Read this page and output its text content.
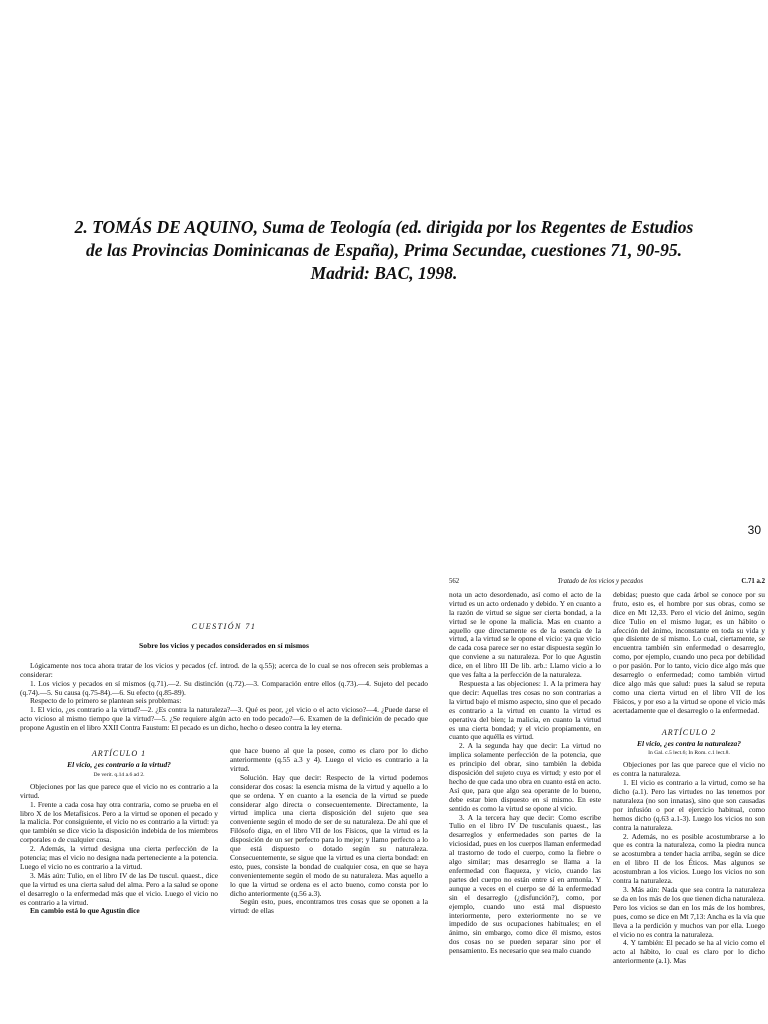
2. TOMÁS DE AQUINO, Suma de Teología (ed. dirigida por los Regentes de Estudios
de las Provincias Dominicanas de España), Prima Secundae, cuestiones 71, 90-95.
Madrid: BAC, 1998.
30
CUESTIÓN 71
Sobre los vicios y pecados considerados en sí mismos

Lógicamente nos toca ahora tratar de los vicios y pecados (cf. introd. de la q.55); acerca de lo cual se nos ofrecen seis problemas a considerar:

1. Los vicios y pecados en sí mismos (q.71).—2. Su distinción (q.72).—3. Comparación entre ellos (q.73).—4. Sujeto del pecado (q.74).—5. Su causa (q.75-84).—6. Su efecto (q.85-89).

Respecto de lo primero se plantean seis problemas:

1. El vicio, ¿es contrario a la virtud?—2. ¿Es contra la naturaleza?—3. Qué es peor, ¿el vicio o el acto vicioso?—4. ¿Puede darse el acto vicioso al mismo tiempo que la virtud?—5. ¿Se requiere algún acto en todo pecado?—6. Examen de la definición de pecado que propone Agustín en el libro XXII Contra Faustum: El pecado es un dicho, hecho o deseo contra la ley eterna.

ARTÍCULO 1
El vicio, ¿es contrario a la virtud?
De verit. q.14 a.6 ad 2.

Objeciones por las que parece que el vicio no es contrario a la virtud.

1. Frente a cada cosa hay otra contraria, como se prueba en el libro X de los Metafísicos. Pero a la virtud se oponen el pecado y la malicia. Por consiguiente, el vicio no es contrario a la virtud: ya que también se dice vicio la disposición indebida de los miembros corporales o de cualquier cosa.

2. Además, la virtud designa una cierta perfección de la potencia; mas el vicio no designa nada perteneciente a la potencia. Luego el vicio no es contrario a la virtud.

3. Más aún: Tulio, en el libro IV de las De tuscul. quaest., dice que la virtud es una cierta salud del alma. Pero a la salud se opone el desarreglo o la enfermedad más que el vicio. Luego el vicio no es contrario a la virtud.

En cambio está lo que Agustín dice

que hace bueno al que la posee, como es claro por lo dicho anteriormente (q.55 a.3 y 4). Luego el vicio es contrario a la virtud.

Solución. Hay que decir: Respecto de la virtud podemos considerar dos cosas: la esencia misma de la virtud y aquello a lo que se ordena. Y en cuanto a la esencia de la virtud se puede considerar algo directa o consecuentemente. Directamente, la virtud implica una cierta disposición del sujeto que sea conveniente según el modo de ser de su naturaleza. De ahí que el Filósofo diga, en el libro VII de los Físicos, que la virtud es la disposición de un ser perfecto para lo mejor; y llamo perfecto a lo que está dispuesto o dotado según su naturaleza. Consecuentemente, se sigue que la virtud es una cierta bondad: en esto, pues, consiste la bondad de cualquier cosa, en que se haya convenientemente según el modo de su naturaleza. Mas aquello a lo que la virtud se ordena es el acto bueno, como consta por lo dicho anteriormente (q.56 a.3).

Según esto, pues, encontramos tres cosas que se oponen a la virtud: de ellas

562	Tratado de los vicios y pecados	C.71 a.2

nota un acto desordenado, así como el acto de la virtud es un acto ordenado y debido. Y en cuanto a la razón de virtud se sigue ser cierta bondad, a la virtud se le opone la malicia. Mas en cuanto a aquello que directamente es de la esencia de la virtud, a la virtud se le opone el vicio: ya que vicio de cada cosa parece ser no estar dispuesta según lo que conviene a su naturaleza. Por lo que Agustín dice, en el libro III De lib. arb.: Llamo vicio a lo que ves falta a la perfección de la naturaleza.

Respuesta a las objeciones: 1. A la primera hay que decir: Aquellas tres cosas no son contrarias a la virtud bajo el mismo aspecto, sino que el pecado es contrario a la virtud en cuanto la virtud es operativa del bien; la malicia, en cuanto la virtud es una cierta bondad; y el vicio propiamente, en cuanto que aquélla es virtud.

2. A la segunda hay que decir: La virtud no implica solamente perfección de la potencia, que es principio del obrar, sino también la debida disposición del sujeto cuya es virtud; y esto por el hecho de que cada uno obra en cuanto está en acto. Así que, para que algo sea operante de lo bueno, debe estar bien dispuesto en sí mismo. En este sentido es como la virtud se opone al vicio.

3. A la tercera hay que decir: Como escribe Tulio en el libro IV De tusculanis quaest., las desarreglos y enfermedades son partes de la viciosidad, pues en los cuerpos llaman enfermedad al trastorno de todo el cuerpo, como la fiebre o algo similar; mas desarreglo se llama a la enfermedad con flaqueza, y vicio, cuando las partes del cuerpo no están entre sí en armonía. Y aunque a veces en el cuerpo se dé la enfermedad sin el desarreglo (¿disfunción?), como, por ejemplo, cuando uno está mal dispuesto interiormente, pero exteriormente no se ve impedido de sus ocupaciones habituales; en el ánimo, sin embargo, como dice él mismo, estos dos cosas no se pueden separar sino por el pensamiento. Es necesario que sea malo cuando

debidas; puesto que cada árbol se conoce por su fruto, esto es, el hombre por sus obras, como se dice en Mt 12,33. Pero el vicio del ánimo, según dice Tulio en el mismo lugar, es un hábito o afección del ánimo, inconstante en toda su vida y que disiente de sí mismo. Lo cual, ciertamente, se encuentra también sin enfermedad o desarreglo, como, por ejemplo, cuando uno peca por debilidad o por pasión. Por lo tanto, vicio dice algo más que desarreglo o enfermedad; como también virtud dice algo más que salud: pues la salud se reputa como una cierta virtud en el libro VII de los Físicos, y por eso a la virtud se opone el vicio más acertadamente que el desarreglo o la enfermedad.

ARTÍCULO 2
El vicio, ¿es contra la naturaleza?
In Gal. c.5 lect.6; In Rom. c.1 lect.8.

Objeciones por las que parece que el vicio no es contra la naturaleza.

1. El vicio es contrario a la virtud, como se ha dicho (a.1). Pero las virtudes no las tenemos por naturaleza (no son innatas), sino que son causadas por infusión o por el ejercicio habitual, como hemos dicho (q.63 a.1-3). Luego los vicios no son contra la naturaleza.

2. Además, no es posible acostumbrarse a lo que es contra la naturaleza, como la piedra nunca se acostumbra a tender hacia arriba, según se dice en el libro II de los Éticos. Mas algunos se acostumbran a los vicios. Luego los vicios no son contra la naturaleza.

3. Más aún: Nada que sea contra la naturaleza se da en los más de los que tienen dicha naturaleza. Pero los vicios se dan en los más de los hombres, pues, como se dice en Mt 7,13: Ancha es la vía que lleva a la perdición y muchos van por ella. Luego el vicio no es contra la naturaleza.

4. Y también: El pecado se ha al vicio como el acto al hábito, lo cual es claro por lo dicho anteriormente (a.1). Mas
